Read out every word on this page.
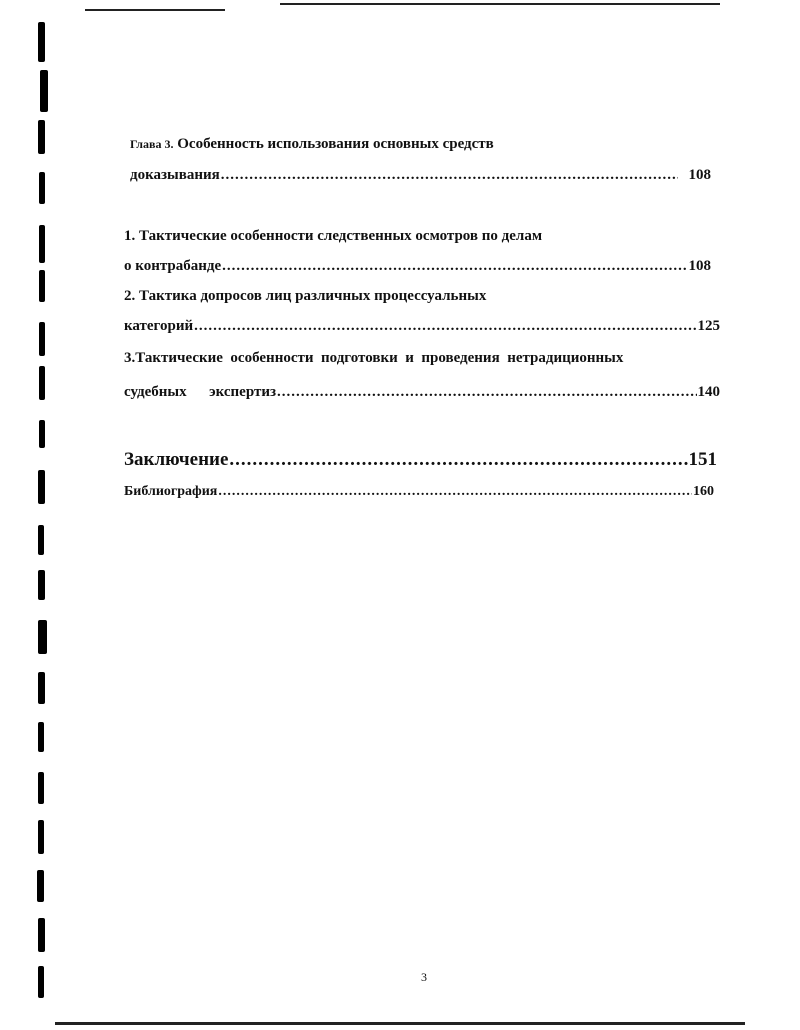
Глава 3. Особенность использования основных средств
доказывания .....	108
1. Тактические особенности следственных осмотров по делам
о контрабанде .....	108
2. Тактика допросов лиц различных процессуальных
категорий .....	125
3.Тактические  особенности  подготовки  и  проведения  нетрадиционных
судебных      экспертиз .....	140
Заключение .....	151
Библиография .....	160
3
